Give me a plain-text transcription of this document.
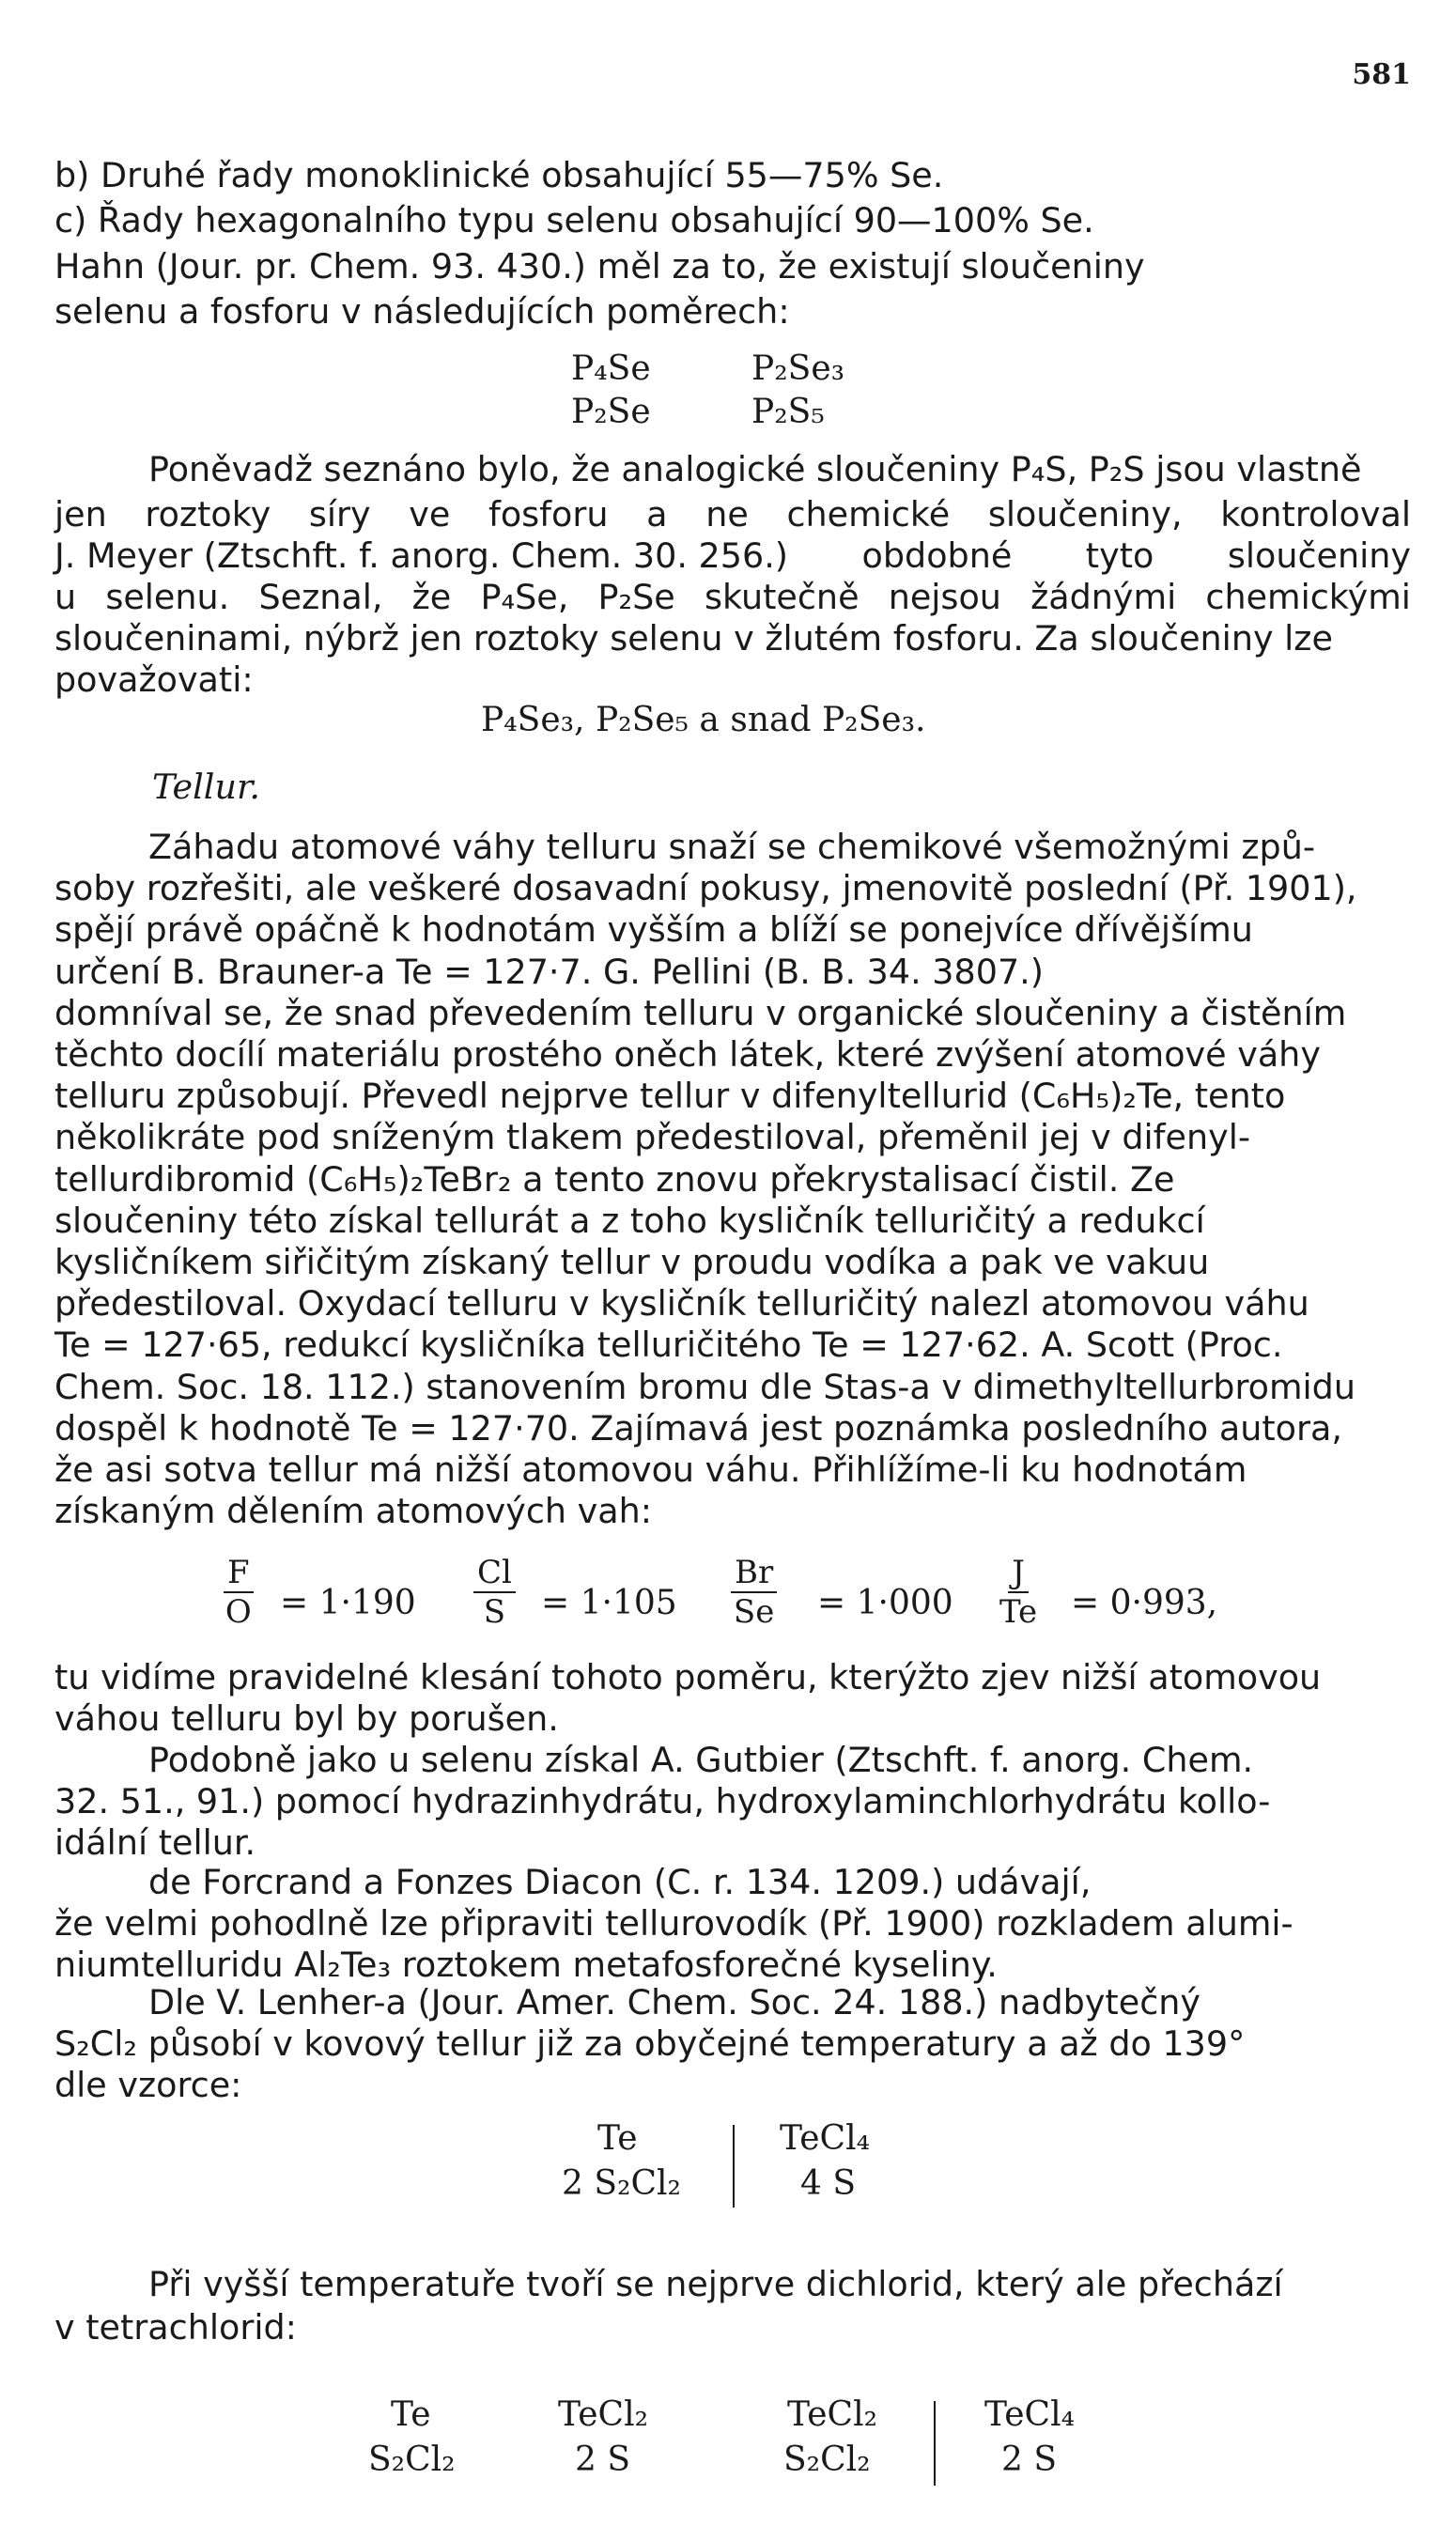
581
b) Druhé řady monoklinické obsahující 55—75% Se.
c) Řady hexagonalního typu selenu obsahující 90—100% Se.
Hahn (Jour. pr. Chem. 93. 430.) měl za to, že existují sloučeniny
selenu a fosforu v následujících poměrech:
P₄Se	P₂Se₃
P₂Se	P₂S₅
Poněvadž seznáno bylo, že analogické sloučeniny P₄S, P₂S jsou vlastně
jen roztoky síry ve fosforu a ne chemické sloučeniny, kontroloval
J. Meyer (Ztschft. f. anorg. Chem. 30. 256.) obdobné tyto sloučeniny
u selenu. Seznal, že P₄Se, P₂Se skutečně nejsou žádnými chemickými
sloučeninami, nýbrž jen roztoky selenu v žlutém fosforu. Za sloučeniny lze
považovati:
P₄Se₃, P₂Se₅ a snad P₂Se₃.
Tellur.
Záhadu atomové váhy telluru snaží se chemikové všemožnými způ-
soby rozřešiti, ale veškeré dosavadní pokusy, jmenovitě poslední (Př. 1901),
spějí právě opáčně k hodnotám vyšším a blíží se ponejvíce dřívějšímu
určení B. Brauner-a Te = 127·7. G. Pellini (B. B. 34. 3807.)
domníval se, že snad převedením telluru v organické sloučeniny a čistěním
těchto docílí materiálu prostého oněch látek, které zvýšení atomové váhy
telluru způsobují. Převedl nejprve tellur v difenyltellurid (C₆H₅)₂Te, tento
několikráte pod sníženým tlakem předestiloval, přeměnil jej v difenyl-
tellurdibromid (C₆H₅)₂TeBr₂ a tento znovu překrystalisací čistil. Ze
sloučeniny této získal tellurát a z toho kysličník telluričitý a redukcí
kysličníkem siřičitým získaný tellur v proudu vodíka a pak ve vakuu
předestiloval. Oxydací telluru v kysličník telluričitý nalezl atomovou váhu
Te = 127·65, redukcí kysličníka telluričitého Te = 127·62. A. Scott (Proc.
Chem. Soc. 18. 112.) stanovením bromu dle Stas-a v dimethyltellurbromidu
dospěl k hodnotě Te = 127·70. Zajímavá jest poznámka posledního autora,
že asi sotva tellur má nižší atomovou váhu. Přihlížíme-li ku hodnotám
získaným dělením atomových vah:
$\frac{F}{O} = 1\cdot 190 \frac{Cl}{S} = 1\cdot 105 \frac{Br}{Se} = 1\cdot 000 \frac{J}{Te} = 0\cdot 993$,
tu vidíme pravidelné klesání tohoto poměru, kterýžto zjev nižší atomovou
váhou telluru byl by porušen.
Podobně jako u selenu získal A. Gutbier (Ztschft. f. anorg. Chem.
32. 51., 91.) pomocí hydrazinhydrátu, hydroxylaminchlorhydrátu kollo-
idální tellur.
de Forcrand a Fonzes Diacon (C. r. 134. 1209.) udávají,
že velmi pohodlně lze připraviti tellurovodík (Př. 1900) rozkladem alumi-
niumtelluridu Al₂Te₃ roztokem metafosforečné kyseliny.
Dle V. Lenher-a (Jour. Amer. Chem. Soc. 24. 188.) nadbytečný
S₂Cl₂ působí v kovový tellur již za obyčejné temperatury a až do 139°
dle vzorce:
Te
2 S₂Cl₂
TeCl₄
4 S
Při vyšší temperatuře tvoří se nejprve dichlorid, který ale přechází
v tetrachlorid:
Te
S₂Cl₂
TeCl₂
2 S
TeCl₂
S₂Cl₂
TeCl₄
2 S
